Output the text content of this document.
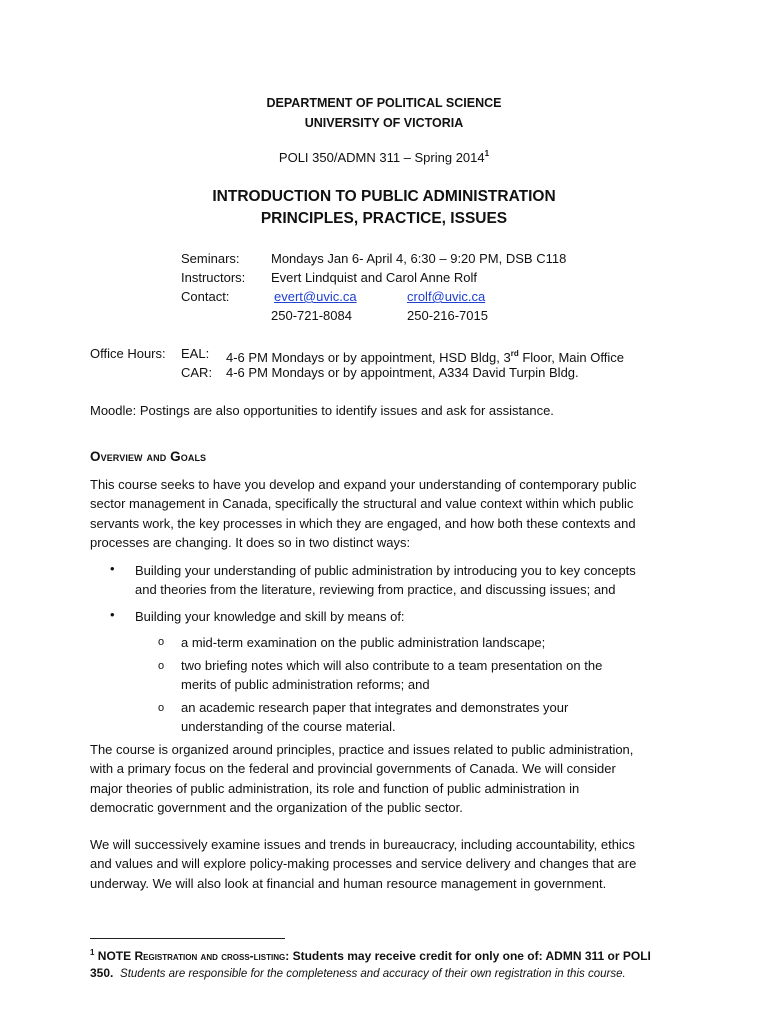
DEPARTMENT OF POLITICAL SCIENCE
UNIVERSITY OF VICTORIA
POLI 350/ADMN 311 – Spring 2014$^1$
INTRODUCTION TO PUBLIC ADMINISTRATION
PRINCIPLES, PRACTICE, ISSUES
Seminars: Mondays Jan 6- April 4, 6:30 – 9:20 PM, DSB C118
Instructors: Evert Lindquist and Carol Anne Rolf
Contact:	evert@uvic.ca	crolf@uvic.ca
250-721-8084	250-216-7015
Office Hours: EAL: 4-6 PM Mondays or by appointment, HSD Bldg, 3rd Floor, Main Office
CAR: 4-6 PM Mondays or by appointment, A334 David Turpin Bldg.
Moodle: Postings are also opportunities to identify issues and ask for assistance.
Overview and Goals
This course seeks to have you develop and expand your understanding of contemporary public
sector management in Canada, specifically the structural and value context within which public
servants work, the key processes in which they are engaged, and how both these contexts and
processes are changing. It does so in two distinct ways:
• Building your understanding of public administration by introducing you to key concepts
and theories from the literature, reviewing from practice, and discussing issues; and
• Building your knowledge and skill by means of:
o a mid-term examination on the public administration landscape;
o two briefing notes which will also contribute to a team presentation on the
merits of public administration reforms; and
o an academic research paper that integrates and demonstrates your
understanding of the course material.
The course is organized around principles, practice and issues related to public administration,
with a primary focus on the federal and provincial governments of Canada. We will consider
major theories of public administration, its role and function of public administration in
democratic government and the organization of the public sector.
We will successively examine issues and trends in bureaucracy, including accountability, ethics
and values and will explore policy-making processes and service delivery and changes that are
underway. We will also look at financial and human resource management in government.
$^1$ NOTE Registration and cross-listing: Students may receive credit for only one of: ADMN 311 or POLI
350. Students are responsible for the completeness and accuracy of their own registration in this course.
